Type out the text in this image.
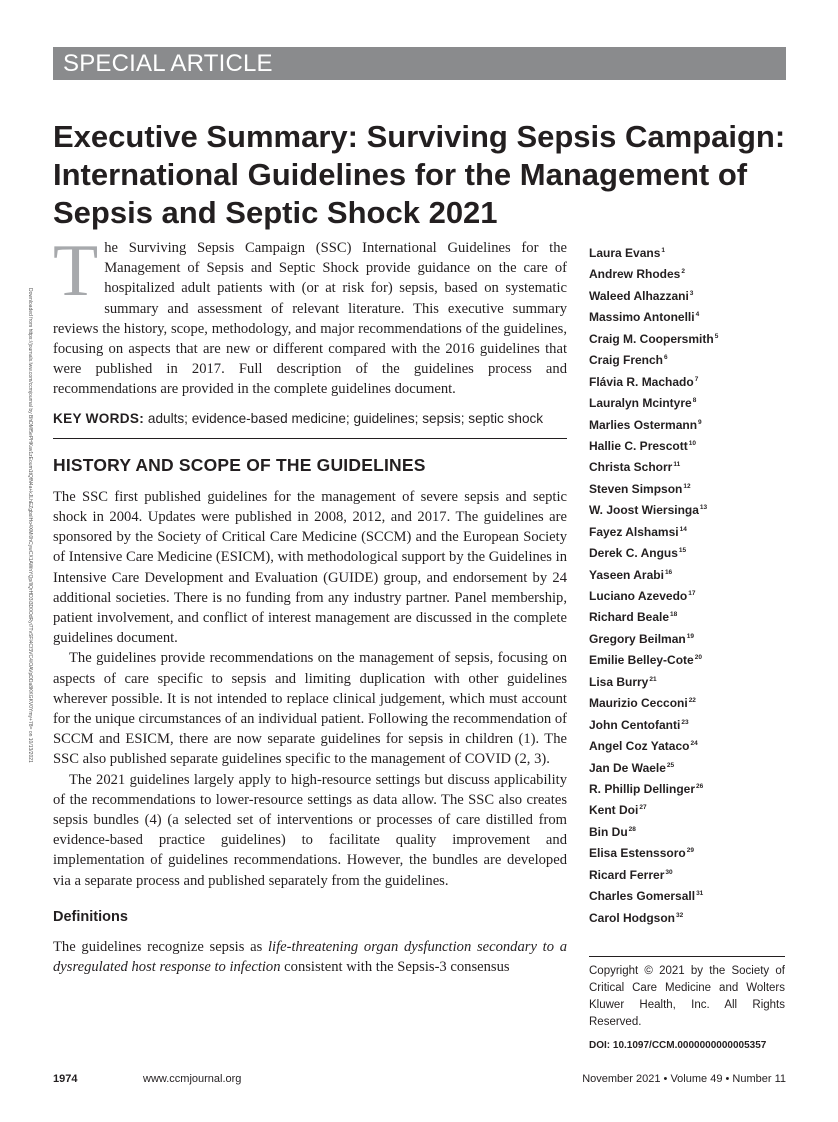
SPECIAL ARTICLE
Executive Summary: Surviving Sepsis Campaign: International Guidelines for the Management of Sepsis and Septic Shock 2021
Downloaded from https://journals.lww.com/ccmjournal by BhDMf5ePHKav1zEoum1tQfN4a+kJLhEZgbsIHo4XMi0hCywCX1AWnYQp/IlQrHD3i3D0OdRyi7TvSFl4Cf3VC4/OAVpDDa8KKGKV0Ymy+78= on 10/13/2021

The Surviving Sepsis Campaign (SSC) International Guidelines for the Management of Sepsis and Septic Shock provide guidance on the care of hospitalized adult patients with (or at risk for) sepsis, based on systematic summary and assessment of relevant literature. This executive summary reviews the history, scope, methodology, and major recommendations of the guidelines, focusing on aspects that are new or different compared with the 2016 guidelines that were published in 2017. Full description of the guidelines process and recommendations are provided in the complete guidelines document.

KEY WORDS: adults; evidence-based medicine; guidelines; sepsis; septic shock

HISTORY AND SCOPE OF THE GUIDELINES

The SSC first published guidelines for the management of severe sepsis and septic shock in 2004. Updates were published in 2008, 2012, and 2017. The guidelines are sponsored by the Society of Critical Care Medicine (SCCM) and the European Society of Intensive Care Medicine (ESICM), with methodological support by the Guidelines in Intensive Care Development and Evaluation (GUIDE) group, and endorsement by 24 additional societies. There is no funding from any industry partner. Panel membership, patient involvement, and conflict of interest management are discussed in the complete guidelines document.

The guidelines provide recommendations on the management of sepsis, focusing on aspects of care specific to sepsis and limiting duplication with other guidelines wherever possible. It is not intended to replace clinical judgement, which must account for the unique circumstances of an individual patient. Following the recommendation of SCCM and ESICM, there are now separate guidelines for sepsis in children (1). The SSC also published separate guidelines specific to the management of COVID (2, 3).

The 2021 guidelines largely apply to high-resource settings but discuss applicability of the recommendations to lower-resource settings as data allow. The SSC also creates sepsis bundles (4) (a selected set of interventions or processes of care distilled from evidence-based practice guidelines) to facilitate quality improvement and implementation of guidelines recommendations. However, the bundles are developed via a separate process and published separately from the guidelines.

Definitions

The guidelines recognize sepsis as life-threatening organ dysfunction secondary to a dysregulated host response to infection consistent with the Sepsis-3 consensus

Laura Evans$^1$
Andrew Rhodes$^2$
Waleed Alhazzani$^3$
Massimo Antonelli$^4$
Craig M. Coopersmith$^5$
Craig French$^6$
Flávia R. Machado$^7$
Lauralyn Mcintyre$^8$
Marlies Ostermann$^9$
Hallie C. Prescott$^{10}$
Christa Schorr$^{11}$
Steven Simpson$^{12}$
W. Joost Wiersinga$^{13}$
Fayez Alshamsi$^{14}$
Derek C. Angus$^{15}$
Yaseen Arabi$^{16}$
Luciano Azevedo$^{17}$
Richard Beale$^{18}$
Gregory Beilman$^{19}$
Emilie Belley-Cote$^{20}$
Lisa Burry$^{21}$
Maurizio Cecconi$^{22}$
John Centofanti$^{23}$
Angel Coz Yataco$^{24}$
Jan De Waele$^{25}$
R. Phillip Dellinger$^{26}$
Kent Doi$^{27}$
Bin Du$^{28}$
Elisa Estenssoro$^{29}$
Ricard Ferrer$^{30}$
Charles Gomersall$^{31}$
Carol Hodgson$^{32}$
Copyright © 2021 by the Society of Critical Care Medicine and Wolters Kluwer Health, Inc. All Rights Reserved.
DOI: 10.1097/CCM.0000000000005357
1974	www.ccmjournal.org	November 2021 • Volume 49 • Number 11
